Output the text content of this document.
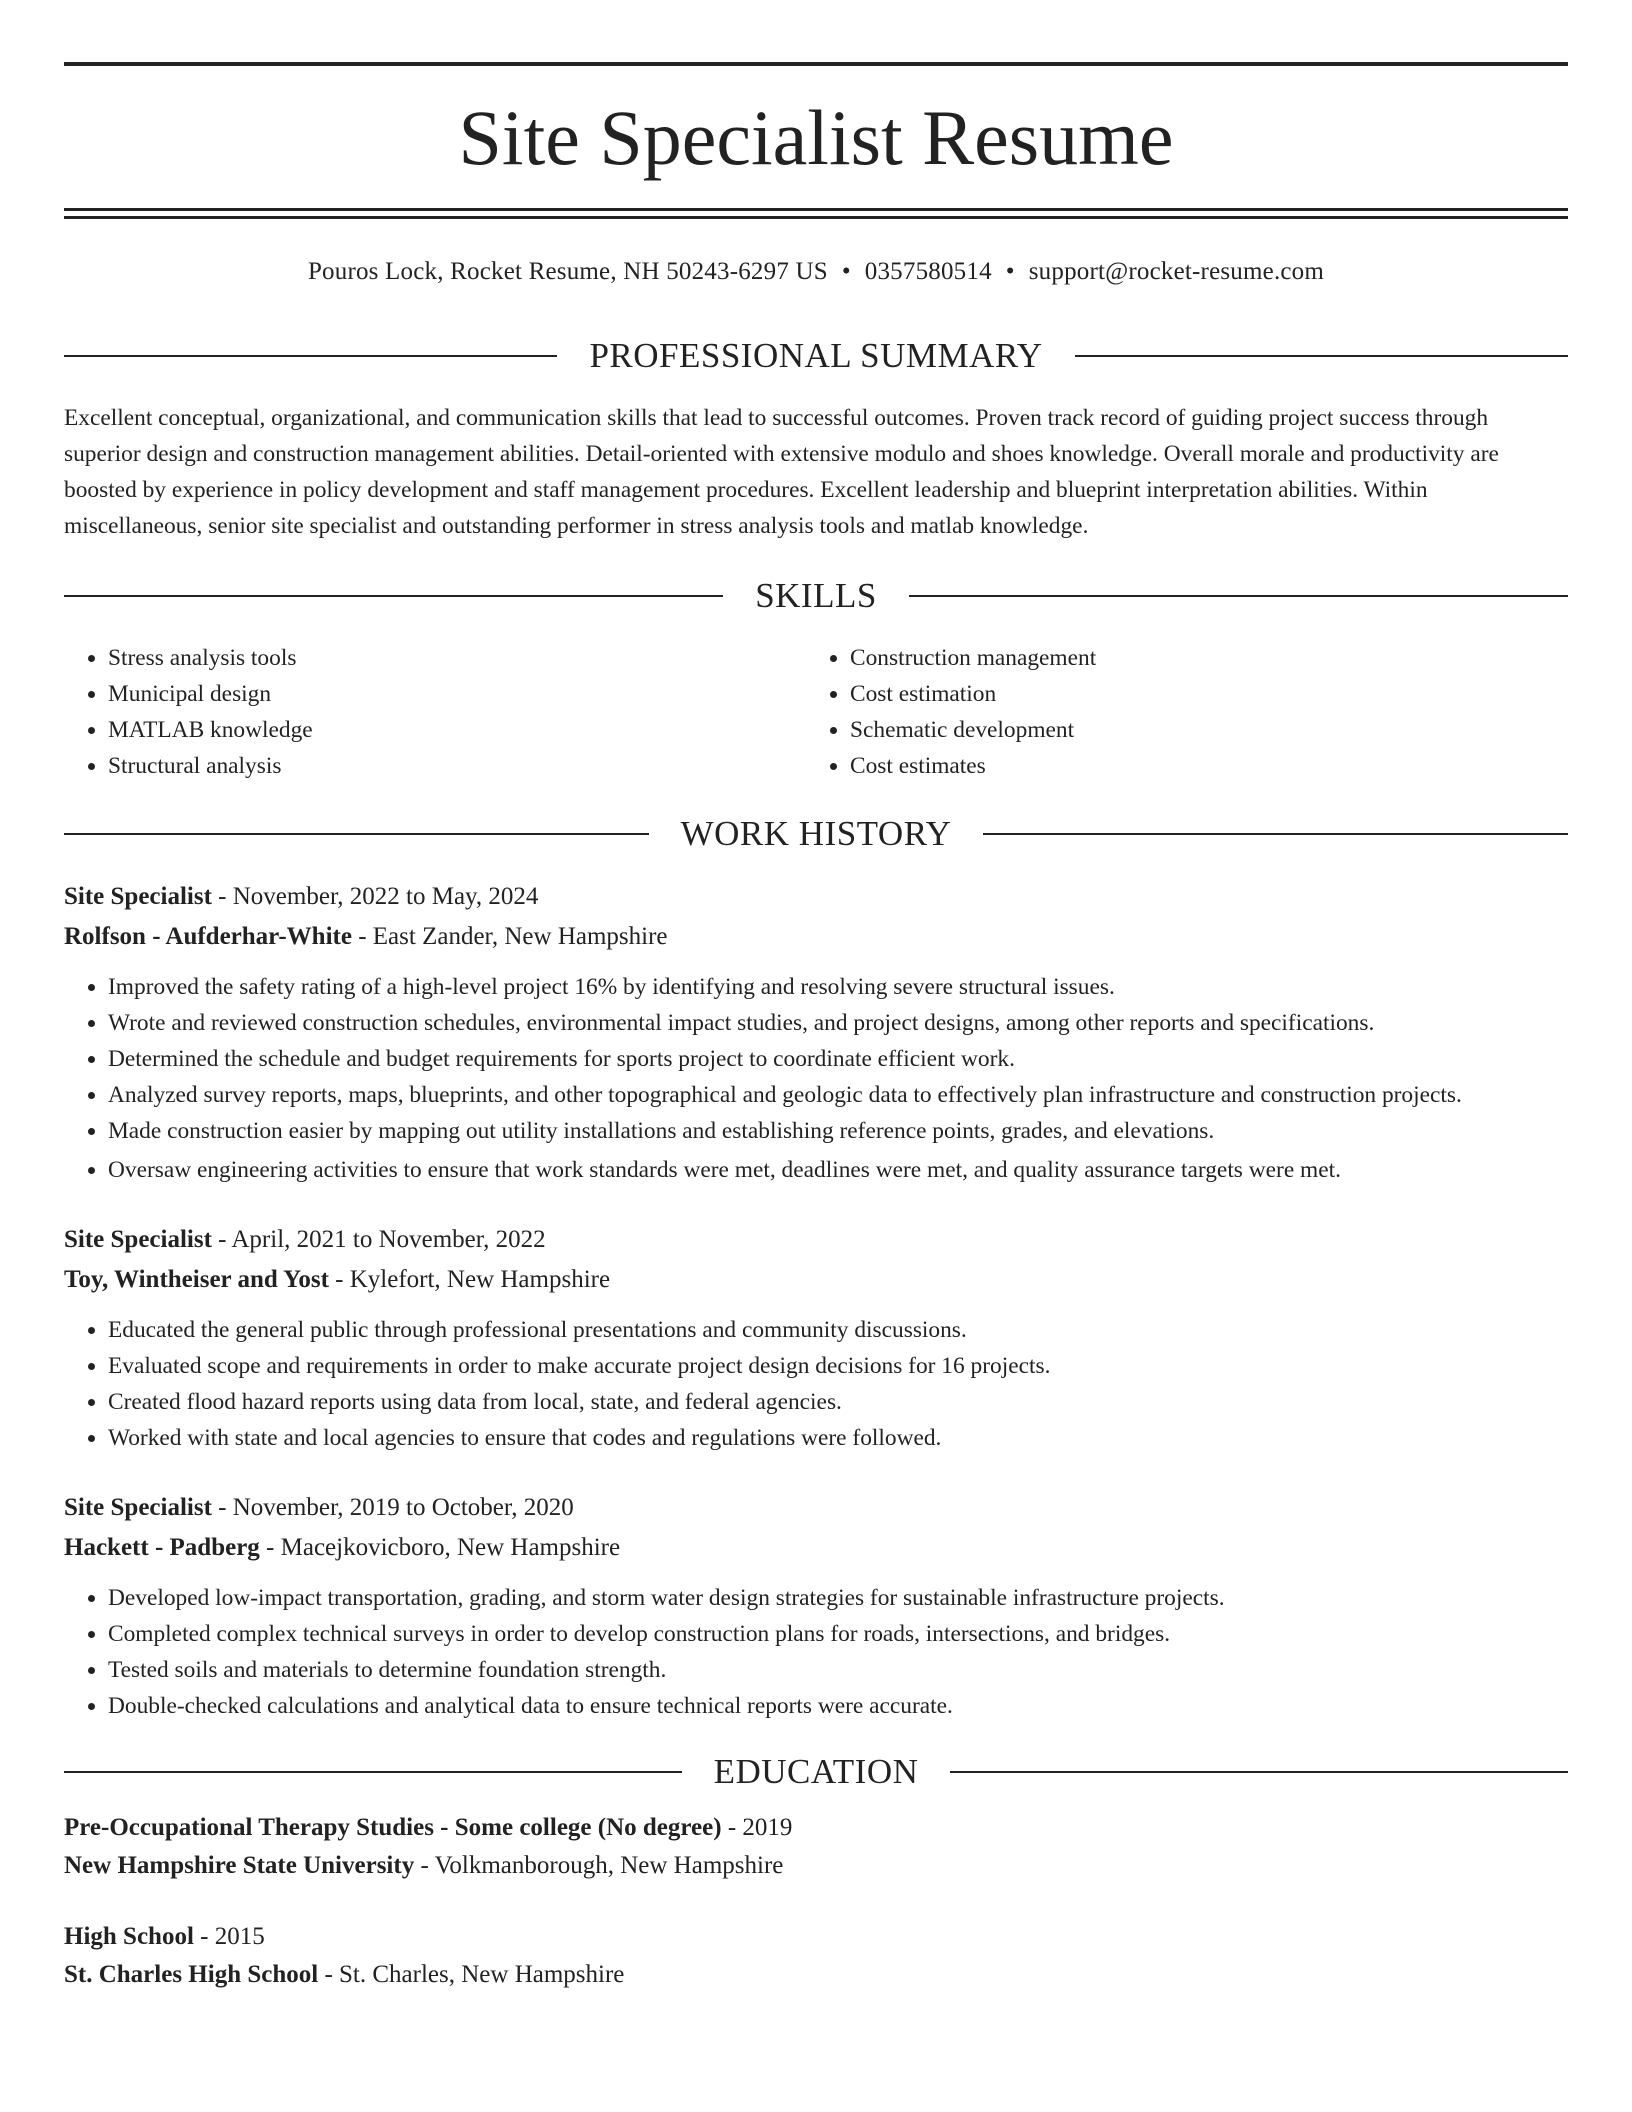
Site Specialist Resume
Pouros Lock, Rocket Resume, NH 50243-6297 US • 0357580514 • support@rocket-resume.com
PROFESSIONAL SUMMARY

Excellent conceptual, organizational, and communication skills that lead to successful outcomes. Proven track record of guiding project success through superior design and construction management abilities. Detail-oriented with extensive modulo and shoes knowledge. Overall morale and productivity are boosted by experience in policy development and staff management procedures. Excellent leadership and blueprint interpretation abilities. Within miscellaneous, senior site specialist and outstanding performer in stress analysis tools and matlab knowledge.

SKILLS
• Stress analysis tools
• Municipal design
• MATLAB knowledge
• Structural analysis
• Construction management
• Cost estimation
• Schematic development
• Cost estimates
WORK HISTORY
Site Specialist - November, 2022 to May, 2024
Rolfson - Aufderhar-White - East Zander, New Hampshire
• Improved the safety rating of a high-level project 16% by identifying and resolving severe structural issues.
• Wrote and reviewed construction schedules, environmental impact studies, and project designs, among other reports and specifications.
• Determined the schedule and budget requirements for sports project to coordinate efficient work.
• Analyzed survey reports, maps, blueprints, and other topographical and geologic data to effectively plan infrastructure and construction projects.
• Made construction easier by mapping out utility installations and establishing reference points, grades, and elevations.
• Oversaw engineering activities to ensure that work standards were met, deadlines were met, and quality assurance targets were met.
Site Specialist - April, 2021 to November, 2022
Toy, Wintheiser and Yost - Kylefort, New Hampshire
• Educated the general public through professional presentations and community discussions.
• Evaluated scope and requirements in order to make accurate project design decisions for 16 projects.
• Created flood hazard reports using data from local, state, and federal agencies.
• Worked with state and local agencies to ensure that codes and regulations were followed.
Site Specialist - November, 2019 to October, 2020
Hackett - Padberg - Macejkovicboro, New Hampshire
• Developed low-impact transportation, grading, and storm water design strategies for sustainable infrastructure projects.
• Completed complex technical surveys in order to develop construction plans for roads, intersections, and bridges.
• Tested soils and materials to determine foundation strength.
• Double-checked calculations and analytical data to ensure technical reports were accurate.
EDUCATION
Pre-Occupational Therapy Studies - Some college (No degree) - 2019
New Hampshire State University - Volkmanborough, New Hampshire
High School - 2015
St. Charles High School - St. Charles, New Hampshire
